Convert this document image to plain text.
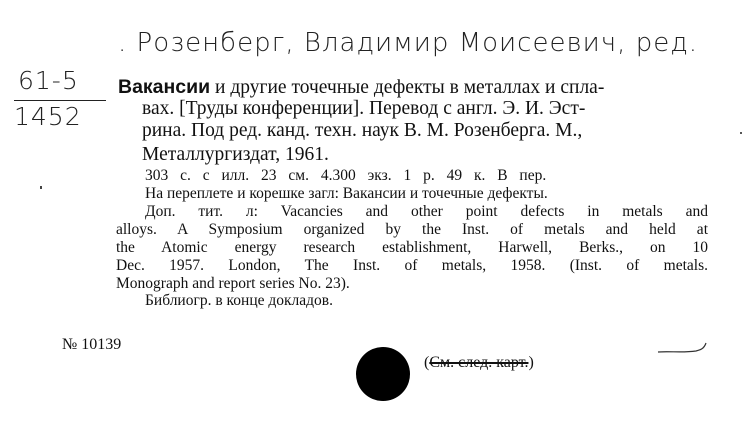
. Розенберг, Владимир Моисеевич, ред.
61-5
1452
Вакансии и другие точечные дефекты в металлах и спла-
вах. [Труды конференции]. Перевод с англ. Э. И. Эст-
рина. Под ред. канд. техн. наук В. М. Розенберга. М.,
Металлургиздат, 1961.
303 с. с илл. 23 см. 4.300 экз. 1 р. 49 к. В пер.
На переплете и корешке загл: Вакансии и точечные дефекты.
Доп. тит. л: Vacancies and other point defects in metals and
alloys. A Symposium organized by the Inst. of metals and held at
the Atomic energy research establishment, Harwell, Berks., on 10
Dec. 1957. London, The Inst. of metals, 1958. (Inst. of metals.
Monograph and report series No. 23).
Библиогр. в конце докладов.
№ 10139
(См. след. карт.)
